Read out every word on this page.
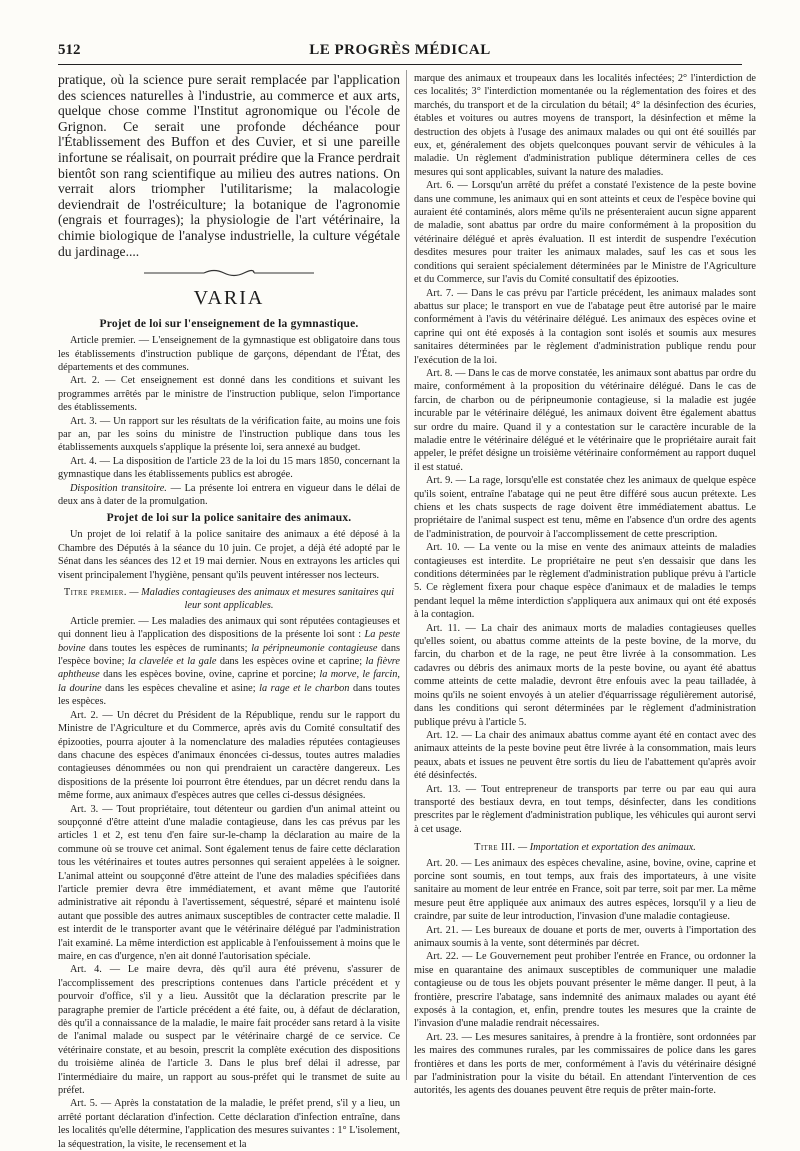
512	LE PROGRÈS MÉDICAL

pratique, où la science pure serait remplacée par l'application des sciences naturelles à l'industrie, au commerce et aux arts, quelque chose comme l'Institut agronomique ou l'école de Grignon. Ce serait une profonde déchéance pour l'Établissement des Buffon et des Cuvier, et si une pareille infortune se réalisait, on pourrait prédire que la France perdrait bientôt son rang scientifique au milieu des autres nations. On verrait alors triompher l'utilitarisme; la malacologie deviendrait de l'ostréiculture; la botanique de l'agronomie (engrais et fourrages); la physiologie de l'art vétérinaire, la chimie biologique de l'analyse industrielle, la culture végétale du jardinage....

VARIA
Projet de loi sur l'enseignement de la gymnastique.

Article premier. — L'enseignement de la gymnastique est obligatoire dans tous les établissements d'instruction publique de garçons, dépendant de l'État, des départements et des communes.

Art. 2. — Cet enseignement est donné dans les conditions et suivant les programmes arrêtés par le ministre de l'instruction publique, selon l'importance des établissements.

Art. 3. — Un rapport sur les résultats de la vérification faite, au moins une fois par an, par les soins du ministre de l'instruction publique dans tous les établissements auxquels s'applique la présente loi, sera annexé au budget.

Art. 4. — La disposition de l'article 23 de la loi du 15 mars 1850, concernant la gymnastique dans les établissements publics est abrogée.

Disposition transitoire. — La présente loi entrera en vigueur dans le délai de deux ans à dater de la promulgation.

Projet de loi sur la police sanitaire des animaux.

Un projet de loi relatif à la police sanitaire des animaux a été déposé à la Chambre des Députés à la séance du 10 juin. Ce projet, a déjà été adopté par le Sénat dans les séances des 12 et 19 mai dernier. Nous en extrayons les articles qui visent principalement l'hygiène, pensant qu'ils peuvent intéresser nos lecteurs.

Titre premier. — Maladies contagieuses des animaux et mesures sanitaires qui leur sont applicables.

Article premier. — Les maladies des animaux qui sont réputées contagieuses et qui donnent lieu à l'application des dispositions de la présente loi sont : La peste bovine dans toutes les espèces de ruminants; la péripneumonie contagieuse dans l'espèce bovine; la clavelée et la gale dans les espèces ovine et caprine; la fièvre aphtheuse dans les espèces bovine, ovine, caprine et porcine; la morve, le farcin, la dourine dans les espèces chevaline et asine; la rage et le charbon dans toutes les espèces.

Art. 2. — Un décret du Président de la République, rendu sur le rapport du Ministre de l'Agriculture et du Commerce, après avis du Comité consultatif des épizooties, pourra ajouter à la nomenclature des maladies réputées contagieuses dans chacune des espèces d'animaux énoncées ci-dessus, toutes autres maladies contagieuses dénommées ou non qui prendraient un caractère dangereux. Les dispositions de la présente loi pourront être étendues, par un décret rendu dans la même forme, aux animaux d'espèces autres que celles ci-dessus désignées.

Art. 3. — Tout propriétaire, tout détenteur ou gardien d'un animal atteint ou soupçonné d'être atteint d'une maladie contagieuse, dans les cas prévus par les articles 1 et 2, est tenu d'en faire sur-le-champ la déclaration au maire de la commune où se trouve cet animal. Sont également tenus de faire cette déclaration tous les vétérinaires et toutes autres personnes qui seraient appelées à le soigner. L'animal atteint ou soupçonné d'être atteint de l'une des maladies spécifiées dans l'article premier devra être immédiatement, et avant même que l'autorité administrative ait répondu à l'avertissement, séquestré, séparé et maintenu isolé autant que possible des autres animaux susceptibles de contracter cette maladie. Il est interdit de le transporter avant que le vétérinaire délégué par l'administration l'ait examiné. La même interdiction est applicable à l'enfouissement à moins que le maire, en cas d'urgence, n'en ait donné l'autorisation spéciale.

Art. 4. — Le maire devra, dès qu'il aura été prévenu, s'assurer de l'accomplissement des prescriptions contenues dans l'article précédent et y pourvoir d'office, s'il y a lieu. Aussitôt que la déclaration prescrite par le paragraphe premier de l'article précédent a été faite, ou, à défaut de déclaration, dès qu'il a connaissance de la maladie, le maire fait procéder sans retard à la visite de l'animal malade ou suspect par le vétérinaire chargé de ce service. Ce vétérinaire constate, et au besoin, prescrit la complète exécution des dispositions du troisième alinéa de l'article 3. Dans le plus bref délai il adresse, par l'intermédiaire du maire, un rapport au sous-préfet qui le transmet de suite au préfet.

Art. 5. — Après la constatation de la maladie, le préfet prend, s'il y a lieu, un arrêté portant déclaration d'infection. Cette déclaration d'infection entraîne, dans les localités qu'elle détermine, l'application des mesures suivantes : 1° L'isolement, la séquestration, la visite, le recensement et la

marque des animaux et troupeaux dans les localités infectées; 2° l'interdiction de ces localités; 3° l'interdiction momentanée ou la réglementation des foires et des marchés, du transport et de la circulation du bétail; 4° la désinfection des écuries, étables et voitures ou autres moyens de transport, la désinfection et même la destruction des objets à l'usage des animaux malades ou qui ont été souillés par eux, et, généralement des objets quelconques pouvant servir de véhicules à la maladie. Un règlement d'administration publique déterminera celles de ces mesures qui sont applicables, suivant la nature des maladies.

Art. 6. — Lorsqu'un arrêté du préfet a constaté l'existence de la peste bovine dans une commune, les animaux qui en sont atteints et ceux de l'espèce bovine qui auraient été contaminés, alors même qu'ils ne présenteraient aucun signe apparent de maladie, sont abattus par ordre du maire conformément à la proposition du vétérinaire délégué et après évaluation. Il est interdit de suspendre l'exécution desdites mesures pour traiter les animaux malades, sauf les cas et sous les conditions qui seraient spécialement déterminées par le Ministre de l'Agriculture et du Commerce, sur l'avis du Comité consultatif des épizooties.

Art. 7. — Dans le cas prévu par l'article précédent, les animaux malades sont abattus sur place; le transport en vue de l'abatage peut être autorisé par le maire conformément à l'avis du vétérinaire délégué. Les animaux des espèces ovine et caprine qui ont été exposés à la contagion sont isolés et soumis aux mesures sanitaires déterminées par le règlement d'administration publique rendu pour l'exécution de la loi.

Art. 8. — Dans le cas de morve constatée, les animaux sont abattus par ordre du maire, conformément à la proposition du vétérinaire délégué. Dans le cas de farcin, de charbon ou de péripneumonie contagieuse, si la maladie est jugée incurable par le vétérinaire délégué, les animaux doivent être également abattus sur ordre du maire. Quand il y a contestation sur le caractère incurable de la maladie entre le vétérinaire délégué et le vétérinaire que le propriétaire aurait fait appeler, le préfet désigne un troisième vétérinaire conformément au rapport duquel il est statué.

Art. 9. — La rage, lorsqu'elle est constatée chez les animaux de quelque espèce qu'ils soient, entraîne l'abatage qui ne peut être différé sous aucun prétexte. Les chiens et les chats suspects de rage doivent être immédiatement abattus. Le propriétaire de l'animal suspect est tenu, même en l'absence d'un ordre des agents de l'administration, de pourvoir à l'accomplissement de cette prescription.

Art. 10. — La vente ou la mise en vente des animaux atteints de maladies contagieuses est interdite. Le propriétaire ne peut s'en dessaisir que dans les conditions déterminées par le règlement d'administration publique prévu à l'article 5. Ce règlement fixera pour chaque espèce d'animaux et de maladies le temps pendant lequel la même interdiction s'appliquera aux animaux qui ont été exposés à la contagion.

Art. 11. — La chair des animaux morts de maladies contagieuses quelles qu'elles soient, ou abattus comme atteints de la peste bovine, de la morve, du farcin, du charbon et de la rage, ne peut être livrée à la consommation. Les cadavres ou débris des animaux morts de la peste bovine, ou ayant été abattus comme atteints de cette maladie, devront être enfouis avec la peau tailladée, à moins qu'ils ne soient envoyés à un atelier d'équarrissage régulièrement autorisé, dans les conditions qui seront déterminées par le règlement d'administration publique prévu à l'article 5.

Art. 12. — La chair des animaux abattus comme ayant été en contact avec des animaux atteints de la peste bovine peut être livrée à la consommation, mais leurs peaux, abats et issues ne peuvent être sortis du lieu de l'abattement qu'après avoir été désinfectés.

Art. 13. — Tout entrepreneur de transports par terre ou par eau qui aura transporté des bestiaux devra, en tout temps, désinfecter, dans les conditions prescrites par le règlement d'administration publique, les véhicules qui auront servi à cet usage.

Titre III. — Importation et exportation des animaux.

Art. 20. — Les animaux des espèces chevaline, asine, bovine, ovine, caprine et porcine sont soumis, en tout temps, aux frais des importateurs, à une visite sanitaire au moment de leur entrée en France, soit par terre, soit par mer. La même mesure peut être appliquée aux animaux des autres espèces, lorsqu'il y a lieu de craindre, par suite de leur introduction, l'invasion d'une maladie contagieuse.

Art. 21. — Les bureaux de douane et ports de mer, ouverts à l'importation des animaux soumis à la vente, sont déterminés par décret.

Art. 22. — Le Gouvernement peut prohiber l'entrée en France, ou ordonner la mise en quarantaine des animaux susceptibles de communiquer une maladie contagieuse ou de tous les objets pouvant présenter le même danger. Il peut, à la frontière, prescrire l'abatage, sans indemnité des animaux malades ou ayant été exposés à la contagion, et, enfin, prendre toutes les mesures que la crainte de l'invasion d'une maladie rendrait nécessaires.

Art. 23. — Les mesures sanitaires, à prendre à la frontière, sont ordonnées par les maires des communes rurales, par les commissaires de police dans les gares frontières et dans les ports de mer, conformément à l'avis du vétérinaire désigné par l'administration pour la visite du bétail. En attendant l'intervention de ces autorités, les agents des douanes peuvent être requis de prêter main-forte.
